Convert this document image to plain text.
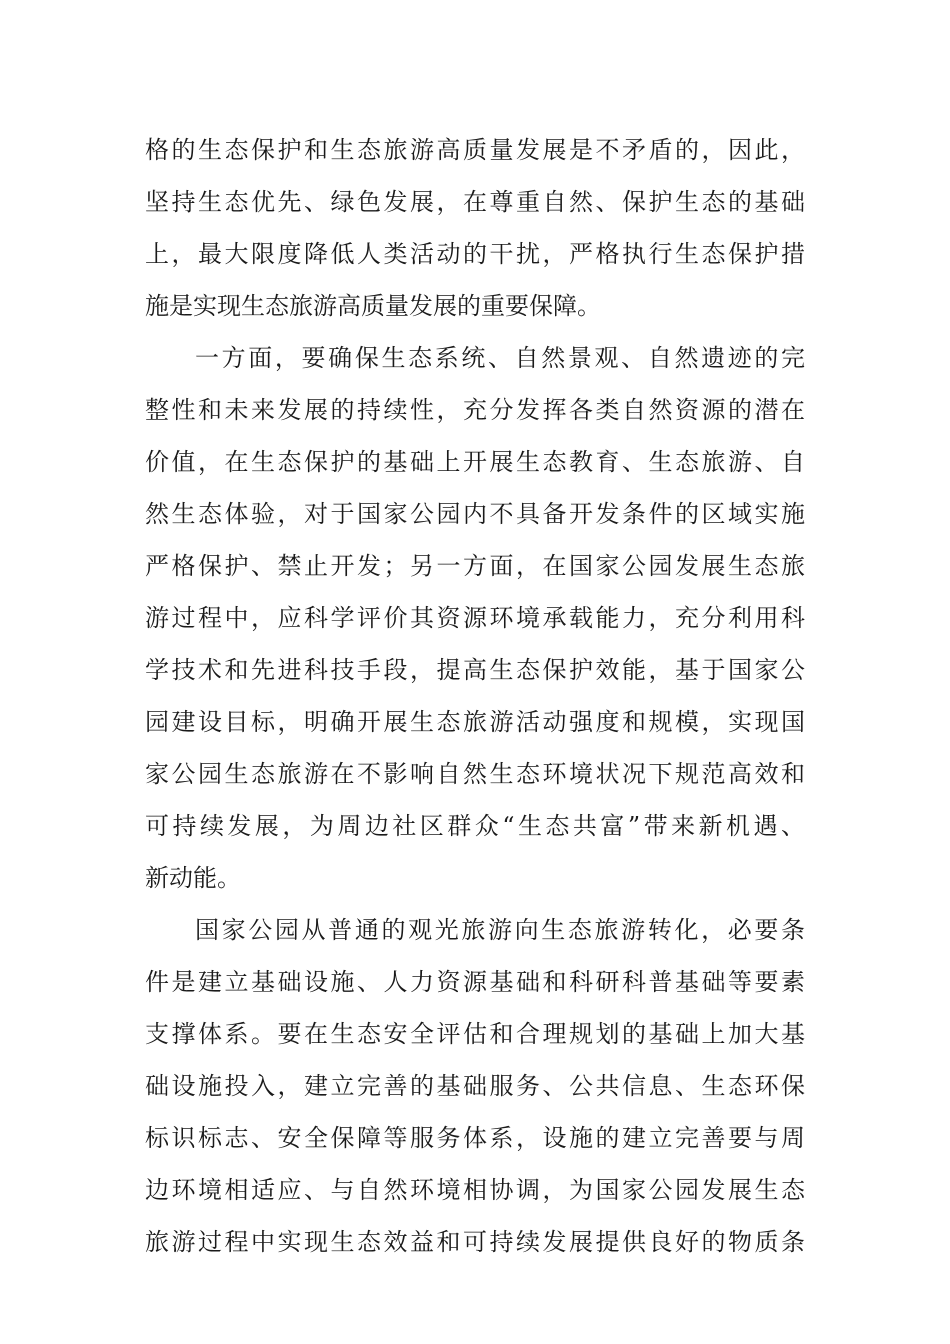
格的生态保护和生态旅游高质量发展是不矛盾的，因此，
坚持生态优先、绿色发展，在尊重自然、保护生态的基础
上，最大限度降低人类活动的干扰，严格执行生态保护措
施是实现生态旅游高质量发展的重要保障。
一方面，要确保生态系统、自然景观、自然遗迹的完
整性和未来发展的持续性，充分发挥各类自然资源的潜在
价值，在生态保护的基础上开展生态教育、生态旅游、自
然生态体验，对于国家公园内不具备开发条件的区域实施
严格保护、禁止开发；另一方面，在国家公园发展生态旅
游过程中，应科学评价其资源环境承载能力，充分利用科
学技术和先进科技手段，提高生态保护效能，基于国家公
园建设目标，明确开展生态旅游活动强度和规模，实现国
家公园生态旅游在不影响自然生态环境状况下规范高效和
可持续发展，为周边社区群众“生态共富”带来新机遇、
新动能。
国家公园从普通的观光旅游向生态旅游转化，必要条
件是建立基础设施、人力资源基础和科研科普基础等要素
支撑体系。要在生态安全评估和合理规划的基础上加大基
础设施投入，建立完善的基础服务、公共信息、生态环保
标识标志、安全保障等服务体系，设施的建立完善要与周
边环境相适应、与自然环境相协调，为国家公园发展生态
旅游过程中实现生态效益和可持续发展提供良好的物质条
